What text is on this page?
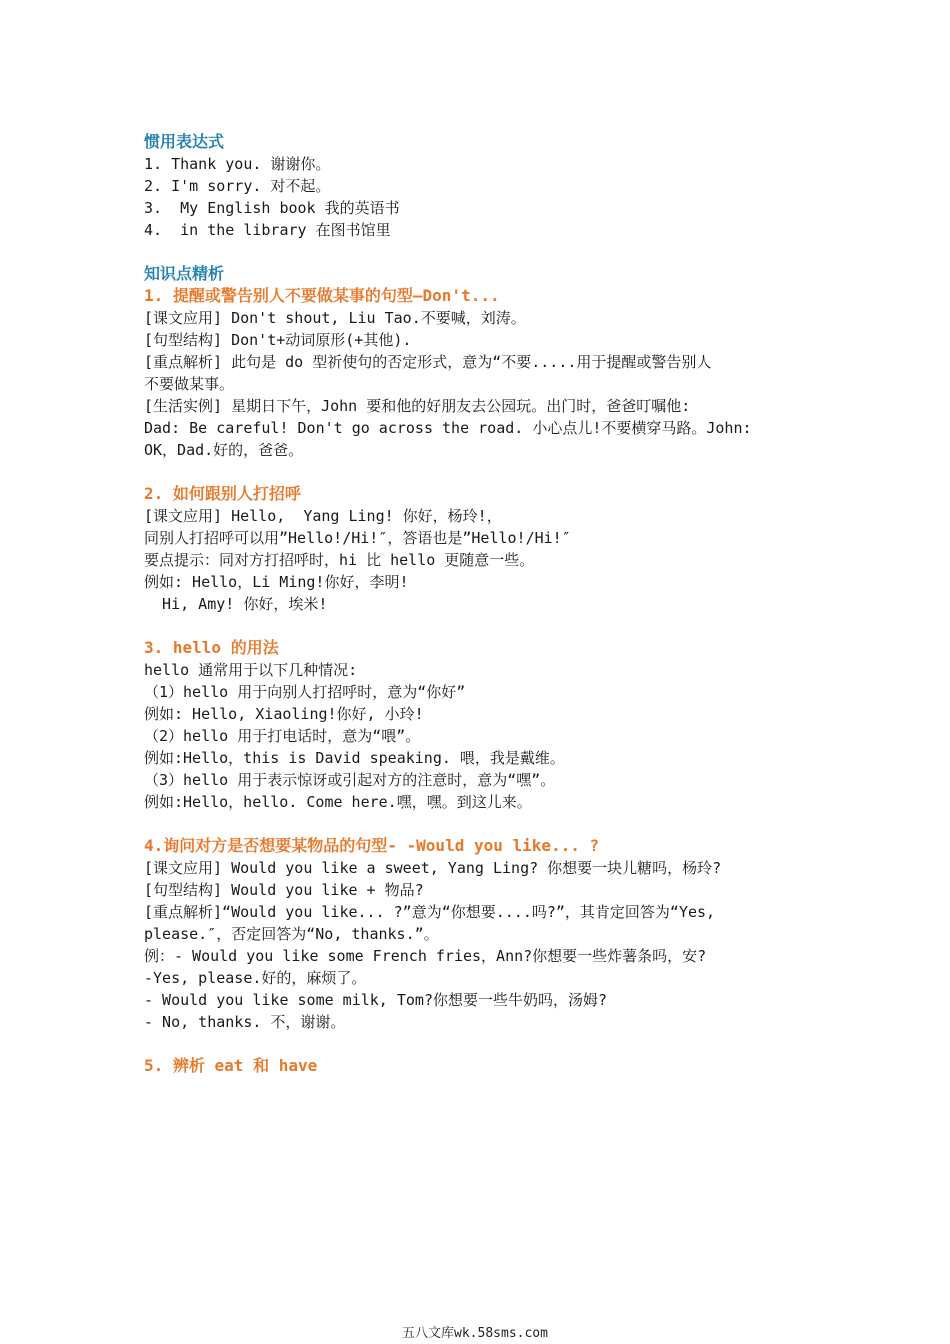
惯用表达式
1. Thank you. 谢谢你。
2. I'm sorry. 对不起。
3.  My English book 我的英语书
4.  in the library 在图书馆里
知识点精析
1. 提醒或警告别人不要做某事的句型—Don't...
[课文应用] Don't shout, Liu Tao.不要喊，刘涛。
[句型结构] Don't+动词原形(+其他).
[重点解析] 此句是 do 型祈使句的否定形式，意为“不要.....用于提醒或警告别人
不要做某事。
[生活实例] 星期日下午，John 要和他的好朋友去公园玩。出门时，爸爸叮嘱他:
Dad: Be careful! Don't go across the road. 小心点儿!不要横穿马路。John:
OK，Dad.好的，爸爸。
2. 如何跟别人打招呼
[课文应用] Hello,  Yang Ling! 你好，杨玲!，
同别人打招呼可以用”Hello!/Hi!″，答语也是”Hello!/Hi!″
要点提示：同对方打招呼时，hi 比 hello 更随意一些。
例如: Hello，Li Ming!你好，李明!
Hi, Amy! 你好，埃米!
3. hello 的用法
hello 通常用于以下几种情况:
（1）hello 用于向别人打招呼时，意为“你好”
例如: Hello, Xiaoling!你好, 小玲!
（2）hello 用于打电话时，意为“喂”。
例如:Hello，this is David speaking. 喂，我是戴维。
（3）hello 用于表示惊讶或引起对方的注意时，意为“嘿”。
例如:Hello，hello. Come here.嘿，嘿。到这儿来。
4.询问对方是否想要某物品的句型- -Would you like... ?
[课文应用] Would you like a sweet, Yang Ling? 你想要一块儿糖吗，杨玲?
[句型结构] Would you like + 物品?
[重点解析]“Would you like... ?”意为“你想要....吗?”，其肯定回答为“Yes,
please.″，否定回答为“No, thanks.”。
例：- Would you like some French fries，Ann?你想要一些炸薯条吗，安?
-Yes, please.好的，麻烦了。
- Would you like some milk, Tom?你想要一些牛奶吗，汤姆?
- No, thanks. 不，谢谢。
5. 辨析 eat 和 have
五八文库wk.58sms.com
